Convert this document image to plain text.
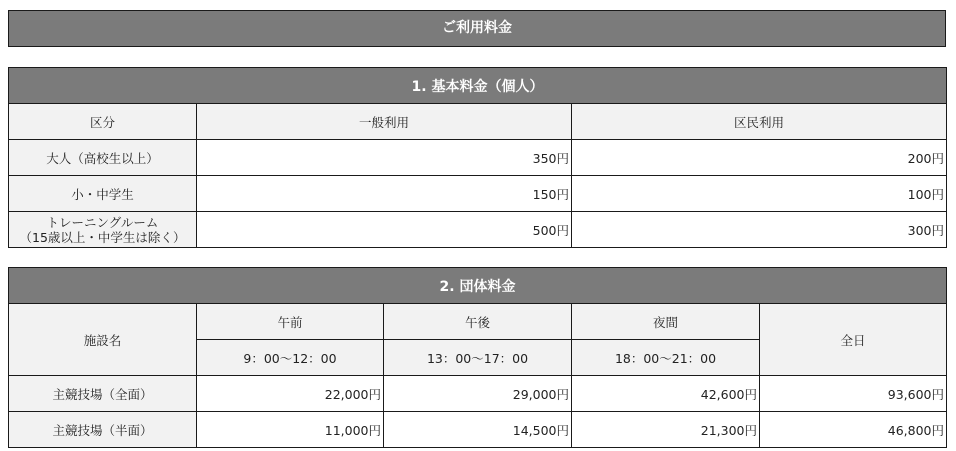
ご利用料金
1. 基本料金（個人）		
区分	一般利用	区民利用
大人（高校生以上）	350円	200円
小・中学生	150円	100円

トレーニングルーム
（15歳以上・中学生は除く）	500円	300円
2. 団体料金				
施設名	午前	午後	夜間	全日
	9：00～12：00	13：00～17：00	18：00～21：00	
主競技場（全面）	22,000円	29,000円	42,600円	93,600円
主競技場（半面）	11,000円	14,500円	21,300円	46,800円
